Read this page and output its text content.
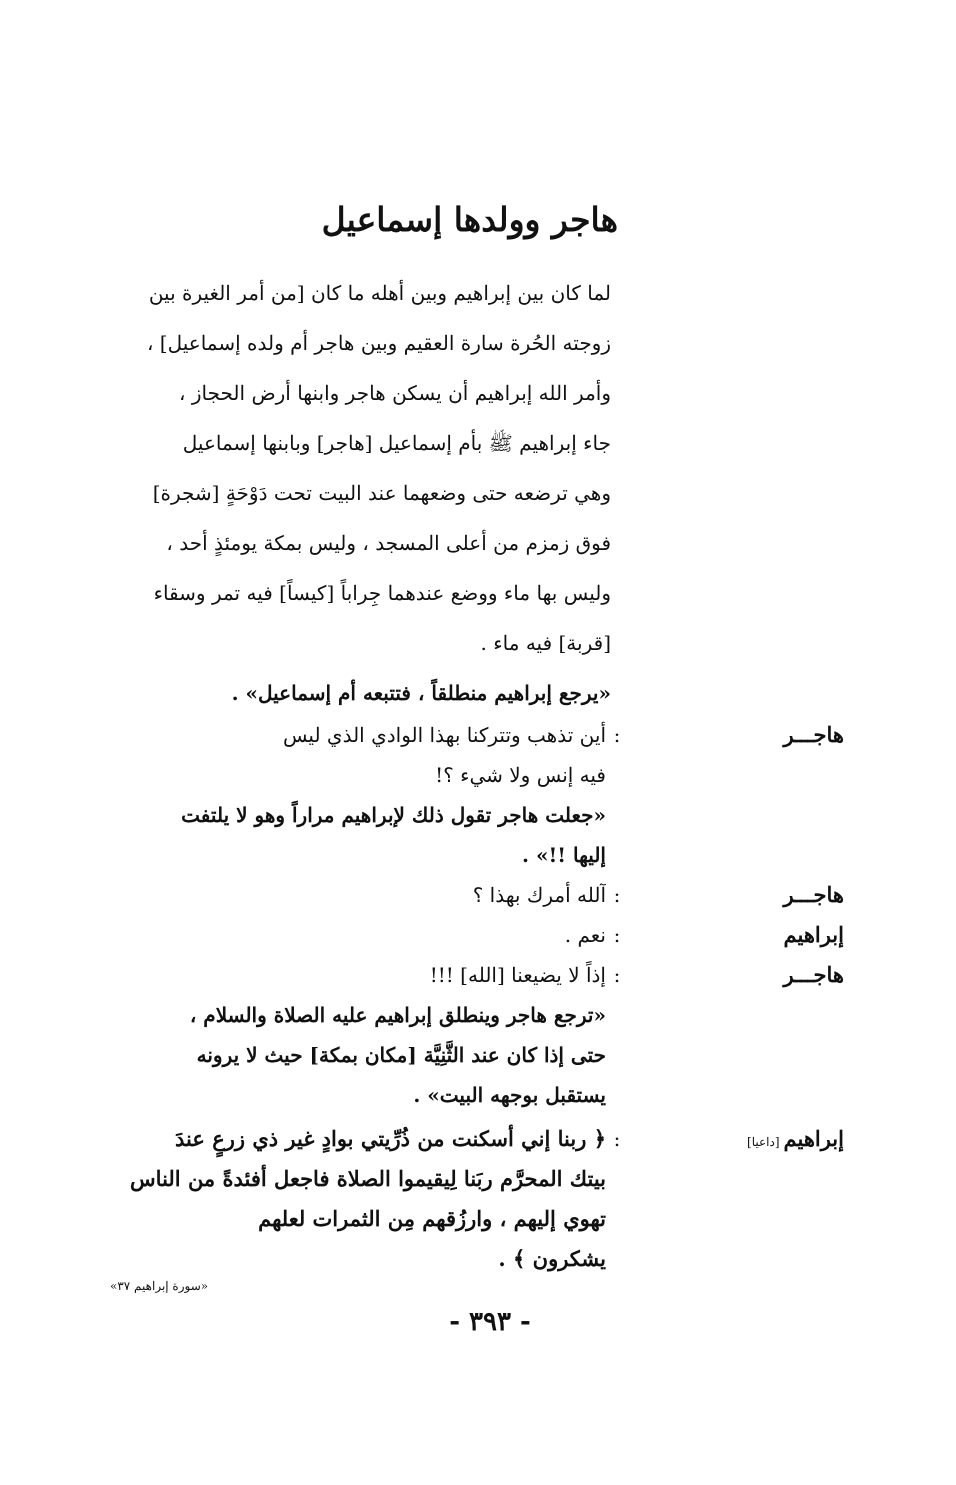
هاجر وولدها إسماعيل
لما كان بين إبراهيم وبين أهله ما كان [من أمر الغيرة بين
زوجته الحُرة سارة العقيم وبين هاجر أم ولده إسماعيل] ،
وأمر الله إبراهيم أن يسكن هاجر وابنها أرض الحجاز ،
جاء إبراهيم ﷺ بأم إسماعيل [هاجر] وبابنها إسماعيل
وهي ترضعه حتى وضعهما عند البيت تحت دَوْحَةٍ [شجرة]
فوق زمزم من أعلى المسجد ، وليس بمكة يومئذٍ أحد ،
وليس بها ماء ووضع عندهما جِراباً [كيساً] فيه تمر وسقاء
[قربة] فيه ماء .
«يرجع إبراهيم منطلقاً ، فتتبعه أم إسماعيل» .
هاجـــر
:
أين تذهب وتتركنا بهذا الوادي الذي ليس
فيه إنس ولا شيء ؟!
«جعلت هاجر تقول ذلك لإبراهيم مراراً وهو لا يلتفت
إليها !!» .
هاجـــر
:
آلله أمرك بهذا ؟
إبراهيم
:
نعم .
هاجـــر
:
إذاً لا يضيعنا [الله] !!!
«ترجع هاجر وينطلق إبراهيم عليه الصلاة والسلام ،
حتى إذا كان عند الثَّنِيَّة [مكان بمكة] حيث لا يرونه
يستقبل بوجهه البيت» .
إبراهيم[داعيا]
:
﴿ ربنا إني أسكنت من ذُرِّيتي بوادٍ غير ذي زرعٍ عندَ
بيتك المحرَّم ربَنا لِيقيموا الصلاة فاجعل أفئدةً من الناس
تهوي إليهم ، وارزُقهم مِن الثمرات لعلهم
يشكرون ﴾ .
«سورة إبراهيم ٣٧»
- ٣٩٣ -
